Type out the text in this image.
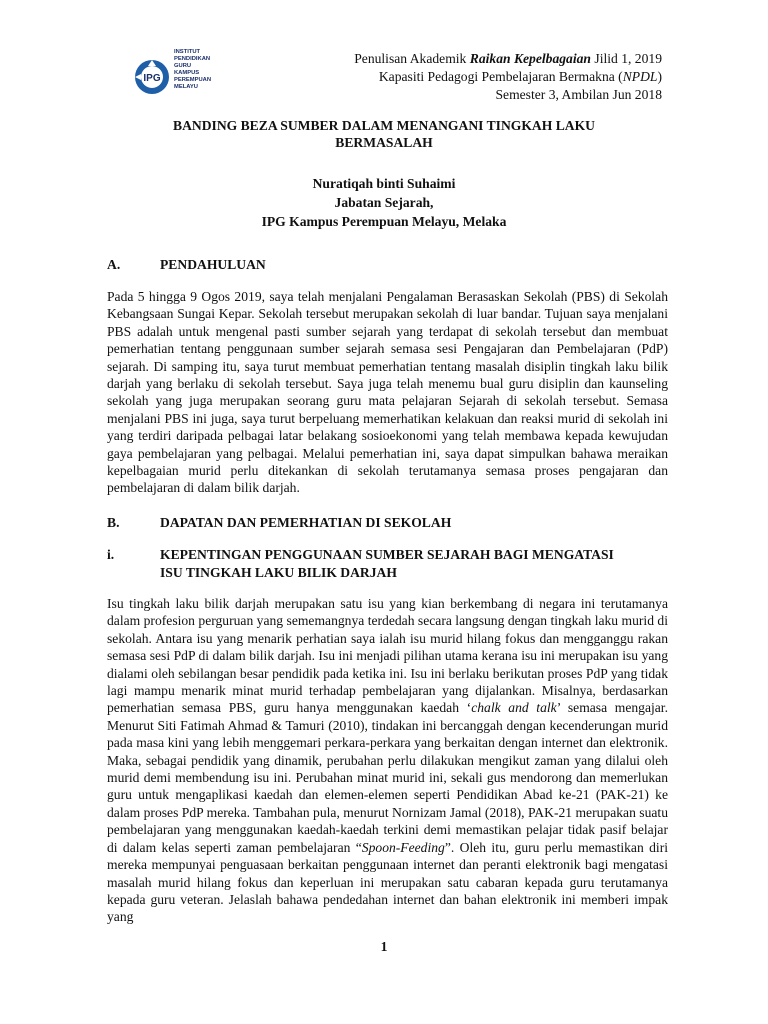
IPG
INSTITUT
PENDIDIKAN
GURU
KAMPUS
PEREMPUAN
MELAYU
Penulisan Akademik Raikan Kepelbagaian Jilid 1, 2019
Kapasiti Pedagogi Pembelajaran Bermakna (NPDL)
Semester 3, Ambilan Jun 2018
BANDING BEZA SUMBER DALAM MENANGANI TINGKAH LAKU
BERMASALAH
Nuratiqah binti Suhaimi
Jabatan Sejarah,
IPG Kampus Perempuan Melayu, Melaka
A.	PENDAHULUAN

Pada 5 hingga 9 Ogos 2019, saya telah menjalani Pengalaman Berasaskan Sekolah (PBS) di Sekolah Kebangsaan Sungai Kepar. Sekolah tersebut merupakan sekolah di luar bandar. Tujuan saya menjalani PBS adalah untuk mengenal pasti sumber sejarah yang terdapat di sekolah tersebut dan membuat pemerhatian tentang penggunaan sumber sejarah semasa sesi Pengajaran dan Pembelajaran (PdP) sejarah. Di samping itu, saya turut membuat pemerhatian tentang masalah disiplin tingkah laku bilik darjah yang berlaku di sekolah tersebut. Saya juga telah menemu bual guru disiplin dan kaunseling sekolah yang juga merupakan seorang guru mata pelajaran Sejarah di sekolah tersebut. Semasa menjalani PBS ini juga, saya turut berpeluang memerhatikan kelakuan dan reaksi murid di sekolah ini yang terdiri daripada pelbagai latar belakang sosioekonomi yang telah membawa kepada kewujudan gaya pembelajaran yang pelbagai. Melalui pemerhatian ini, saya dapat simpulkan bahawa meraikan kepelbagaian murid perlu ditekankan di sekolah terutamanya semasa proses pengajaran dan pembelajaran di dalam bilik darjah.

B.	DAPATAN DAN PEMERHATIAN DI SEKOLAH
i.	KEPENTINGAN PENGGUNAAN SUMBER SEJARAH BAGI MENGATASI
ISU TINGKAH LAKU BILIK DARJAH

Isu tingkah laku bilik darjah merupakan satu isu yang kian berkembang di negara ini terutamanya dalam profesion perguruan yang sememangnya terdedah secara langsung dengan tingkah laku murid di sekolah. Antara isu yang menarik perhatian saya ialah isu murid hilang fokus dan mengganggu rakan semasa sesi PdP di dalam bilik darjah. Isu ini menjadi pilihan utama kerana isu ini merupakan isu yang dialami oleh sebilangan besar pendidik pada ketika ini. Isu ini berlaku berikutan proses PdP yang tidak lagi mampu menarik minat murid terhadap pembelajaran yang dijalankan. Misalnya, berdasarkan pemerhatian semasa PBS, guru hanya menggunakan kaedah ‘chalk and talk’ semasa mengajar. Menurut Siti Fatimah Ahmad & Tamuri (2010), tindakan ini bercanggah dengan kecenderungan murid pada masa kini yang lebih menggemari perkara-perkara yang berkaitan dengan internet dan elektronik. Maka, sebagai pendidik yang dinamik, perubahan perlu dilakukan mengikut zaman yang dilalui oleh murid demi membendung isu ini. Perubahan minat murid ini, sekali gus mendorong dan memerlukan guru untuk mengaplikasi kaedah dan elemen-elemen seperti Pendidikan Abad ke-21 (PAK-21) ke dalam proses PdP mereka. Tambahan pula, menurut Nornizam Jamal (2018), PAK-21 merupakan suatu pembelajaran yang menggunakan kaedah-kaedah terkini demi memastikan pelajar tidak pasif belajar di dalam kelas seperti zaman pembelajaran “Spoon-Feeding”. Oleh itu, guru perlu memastikan diri mereka mempunyai penguasaan berkaitan penggunaan internet dan peranti elektronik bagi mengatasi masalah murid hilang fokus dan keperluan ini merupakan satu cabaran kepada guru terutamanya kepada guru veteran. Jelaslah bahawa pendedahan internet dan bahan elektronik ini memberi impak yang

1
